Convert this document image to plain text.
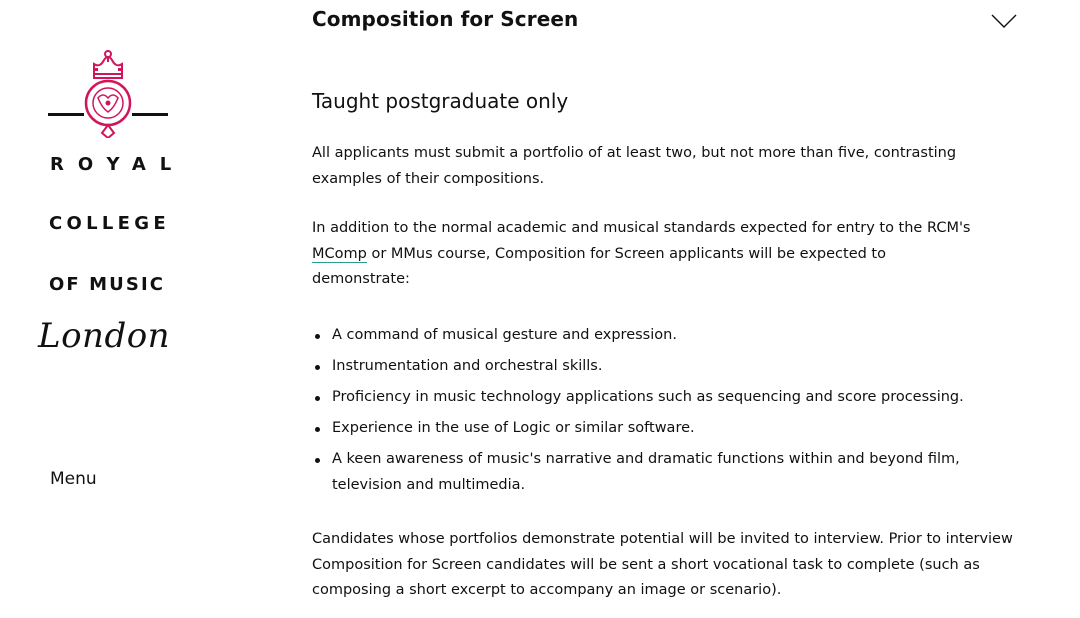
ROYAL
COLLEGE
OF MUSIC
London
Menu
Composition for Screen
Taught postgraduate only

All applicants must submit a portfolio of at least two, but not more than five, contrasting examples of their compositions.

In addition to the normal academic and musical standards expected for entry to the RCM's MComp or MMus course, Composition for Screen applicants will be expected to demonstrate:

A command of musical gesture and expression.
Instrumentation and orchestral skills.
Proficiency in music technology applications such as sequencing and score processing.
Experience in the use of Logic or similar software.
A keen awareness of music's narrative and dramatic functions within and beyond film, television and multimedia.

Candidates whose portfolios demonstrate potential will be invited to interview. Prior to interview Composition for Screen candidates will be sent a short vocational task to complete (such as composing a short excerpt to accompany an image or scenario).
